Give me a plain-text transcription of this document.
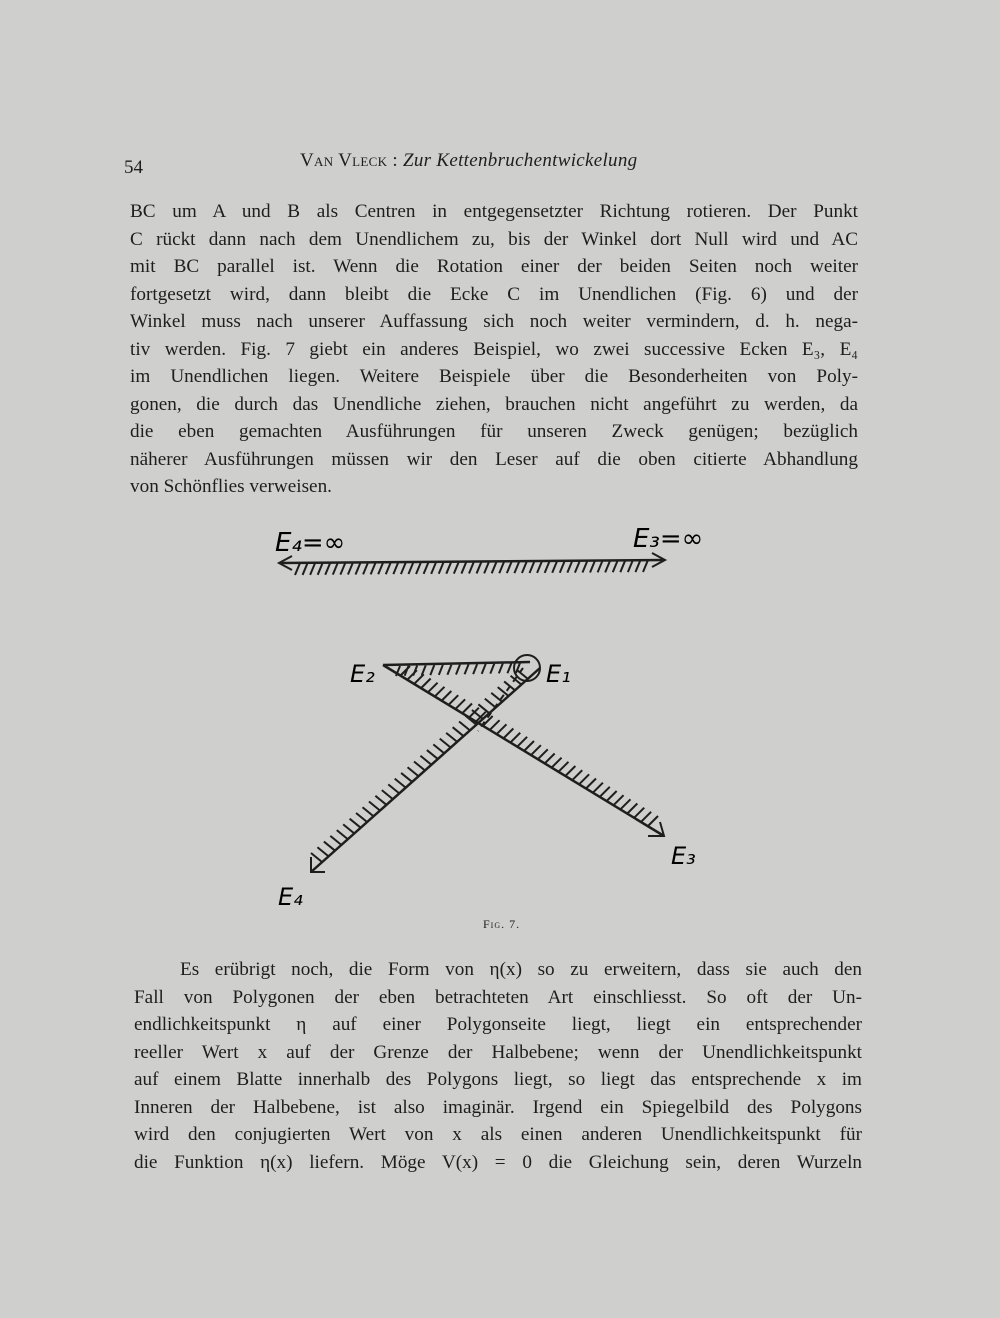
54	Van Vleck : Zur Kettenbruchentwickelung
BC um A und B als Centren in entgegensetzter Richtung rotieren. Der Punkt
C rückt dann nach dem Unendlichem zu, bis der Winkel dort Null wird und AC
mit BC parallel ist. Wenn die Rotation einer der beiden Seiten noch weiter
fortgesetzt wird, dann bleibt die Ecke C im Unendlichen (Fig. 6) und der
Winkel muss nach unserer Auffassung sich noch weiter vermindern, d. h. nega-
tiv werden. Fig. 7 giebt ein anderes Beispiel, wo zwei successive Ecken E₃, E₄
im Unendlichen liegen. Weitere Beispiele über die Besonderheiten von Poly-
gonen, die durch das Unendliche ziehen, brauchen nicht angeführt zu werden, da
die eben gemachten Ausführungen für unseren Zweck genügen; bezüglich
näherer Ausführungen müssen wir den Leser auf die oben citierte Abhandlung
von Schönflies verweisen.
E₄=∞	E₃=∞
E₂	E₁
E₃
E₄
Fig. 7.
Es erübrigt noch, die Form von η(x) so zu erweitern, dass sie auch den
Fall von Polygonen der eben betrachteten Art einschliesst. So oft der Un-
endlichkeitspunkt η auf einer Polygonseite liegt, liegt ein entsprechender
reeller Wert x auf der Grenze der Halbebene; wenn der Unendlichkeitspunkt
auf einem Blatte innerhalb des Polygons liegt, so liegt das entsprechende x im
Inneren der Halbebene, ist also imaginär. Irgend ein Spiegelbild des Polygons
wird den conjugierten Wert von x als einen anderen Unendlichkeitspunkt für
die Funktion η(x) liefern. Möge V(x) = 0 die Gleichung sein, deren Wurzeln
